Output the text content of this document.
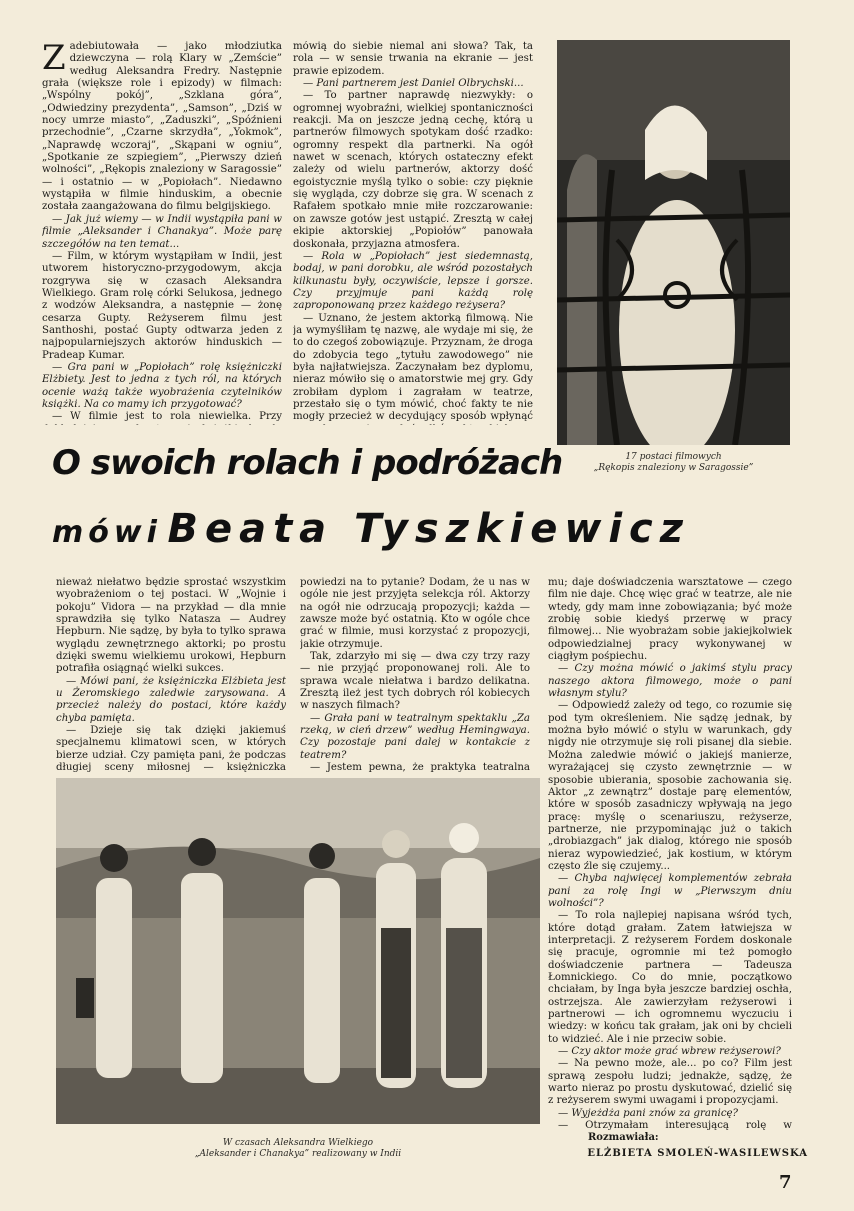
Z adebiutowała — jako młodziutka dziewczyna — rolą Klary w „Zemście” według Aleksandra Fredry. Następnie grała (większe role i epizody) w filmach: „Wspólny pokój”, „Szklana góra”, „Odwiedziny prezydenta”, „Samson”, „Dziś w nocy umrze miasto”, „Zaduszki”, „Spóźnieni przechodnie”, „Czarne skrzydła”, „Yokmok”, „Naprawdę wczoraj”, „Skąpani w ogniu”, „Spotkanie ze szpiegiem”, „Pierwszy dzień wolności”, „Rękopis znaleziony w Saragossie” — i ostatnio — w „Popiołach”. Niedawno wystąpiła w filmie hinduskim, a obecnie została zaangażowana do filmu belgijskiego.

— Jak już wiemy — w Indii wystąpiła pani w filmie „Aleksander i Chanakya”. Może parę szczegółów na ten temat...

— Film, w którym wystąpiłam w Indii, jest utworem historyczno-przygodowym, akcja rozgrywa się w czasach Aleksandra Wielkiego. Gram rolę córki Selukosa, jednego z wodzów Aleksandra, a następnie — żonę cesarza Gupty. Reżyserem filmu jest Santhoshi, postać Gupty odtwarza jeden z najpopularniejszych aktorów hinduskich — Pradeap Kumar.

— Gra pani w „Popiołach” rolę księżniczki Elżbiety. Jest to jedna z tych ról, na których ocenie ważą także wyobrażenia czytelników książki. Na co mamy ich przygotować?

— W filmie jest to rola niewielka. Przy

mówią do siebie niemal ani słowa? Tak, ta rola — w sensie trwania na ekranie — jest prawie epizodem.

— Pani partnerem jest Daniel Olbrychski...

— To partner naprawdę niezwykły: o ogromnej wyobraźni, wielkiej spontaniczności reakcji. Ma on jeszcze jedną cechę, którą u partnerów filmowych spotykam dość rzadko: ogromny respekt dla partnerki. Na ogół nawet w scenach, których ostateczny efekt zależy od wielu partnerów, aktorzy dość egoistycznie myślą tylko o sobie: czy pięknie się wygląda, czy dobrze się gra. W scenach z Rafałem spotkało mnie miłe rozczarowanie: on zawsze gotów jest ustąpić. Zresztą w całej ekipie aktorskiej „Popiołów” panowała doskonała, przyjazna atmosfera.

— Rola w „Popiołach” jest siedemnastą, bodaj, w pani dorobku, ale wśród pozostałych kilkunastu były, oczywiście, lepsze i gorsze. Czy przyjmuje pani każdą rolę zaproponowaną przez każdego reżysera?

— Uznano, że jestem aktorką filmową. Nie ja wymyśliłam tę nazwę, ale wydaje mi się, że to do czegoś zobowiązuje. Przyznam, że droga do zdobycia tego „tytułu zawodowego” nie była najłatwiejsza. Zaczynałam bez dyplomu, nieraz mówiło się o amatorstwie mej gry. Gdy zrobiłam dyplom i zagrałam w teatrze, przestało się o tym mówić, choć fakty te nie mogły przecież w decydujący sposób wpłynąć

17 postaci filmowych
„Rękopis znaleziony w Saragossie”
O swoich rolach i podróżach
mówi Beata Tyszkiewicz

nieważ niełatwo będzie sprostać wszystkim wyobrażeniom o tej postaci. W „Wojnie i pokoju” Vidora — na przykład — dla mnie sprawdziła się tylko Natasza — Audrey Hepburn. Nie sądzę, by była to tylko sprawa wyglądu zewnętrznego aktorki; po prostu dzięki swemu wielkiemu urokowi, Hepburn potrafiła osiągnąć wielki sukces.

— Mówi pani, że księżniczka Elżbieta jest u Żeromskiego zaledwie zarysowana. A przecież należy do postaci, które każdy chyba pamięta.

— Dzieje się tak dzięki jakiemuś specjalnemu klimatowi scen, w których bierze udział. Czy pamięta pani, że podczas długiej sceny miłosnej — księżniczka

powiedzi na to pytanie? Dodam, że u nas w ogóle nie jest przyjęta selekcja ról. Aktorzy na ogół nie odrzucają propozycji; każda — zawsze może być ostatnią. Kto w ogóle chce grać w filmie, musi korzystać z propozycji, jakie otrzymuje.

Tak, zdarzyło mi się — dwa czy trzy razy — nie przyjąć proponowanej roli. Ale to sprawa wcale niełatwa i bardzo delikatna. Zresztą ileż jest tych dobrych ról kobiecych w naszych filmach?

— Grała pani w teatralnym spektaklu „Za rzeką, w cień drzew” według Hemingwaya. Czy pozostaje pani dalej w kontakcie z teatrem?

— Jestem pewna, że praktyka teatralna

mu; daje doświadczenia warsztatowe — czego film nie daje. Chcę więc grać w teatrze, ale nie wtedy, gdy mam inne zobowiązania; być może zrobię sobie kiedyś przerwę w pracy filmowej... Nie wyobrażam sobie jakiejkolwiek odpowiedzialnej pracy wykonywanej w ciągłym pośpiechu.

— Czy można mówić o jakimś stylu pracy naszego aktora filmowego, może o pani własnym stylu?

— Odpowiedź zależy od tego, co rozumie się pod tym określeniem. Nie sądzę jednak, by można było mówić o stylu w warunkach, gdy nigdy nie otrzymuje się roli pisanej dla siebie. Można zaledwie mówić o jakiejś manierze, wyrażającej się czysto zewnętrznie — w sposobie ubierania, sposobie zachowania się. Aktor „z zewnątrz” dostaje parę elementów, które w sposób zasadniczy wpływają na jego pracę: myślę o scenariuszu, reżyserze, partnerze, nie przypominając już o takich „drobiazgach” jak dialog, którego nie sposób nieraz wypowiedzieć, jak kostium, w którym często źle się czujemy...

— Chyba najwięcej komplementów zebrała pani za rolę Ingi w „Pierwszym dniu wolności”?

— To rola najlepiej napisana wśród tych, które dotąd grałam. Zatem łatwiejsza w interpretacji. Z reżyserem Fordem doskonale się pracuje, ogromnie mi też pomogło doświadczenie partnera — Tadeusza Łomnickiego. Co do mnie, początkowo chciałam, by Inga była jeszcze bardziej oschła, ostrzejsza. Ale zawierzyłam reżyserowi i partnerowi — ich ogromnemu wyczuciu i wiedzy: w końcu tak grałam, jak oni by chcieli to widzieć. Ale i nie przeciw sobie.

— Czy aktor może grać wbrew reżyserowi?

— Na pewno może, ale... po co? Film jest sprawą zespołu ludzi; jednakże, sądzę, że warto nieraz po prostu dyskutować, dzielić się z reżyserem swymi uwagami i propozycjami.

— Wyjeżdża pani znów za granicę?

— Otrzymałam interesującą rolę w

W czasach Aleksandra Wielkiego
„Aleksander i Chanakya” realizowany w Indii
Rozmawiała:
ELŻBIETA SMOLEŃ-WASILEWSKA
7
